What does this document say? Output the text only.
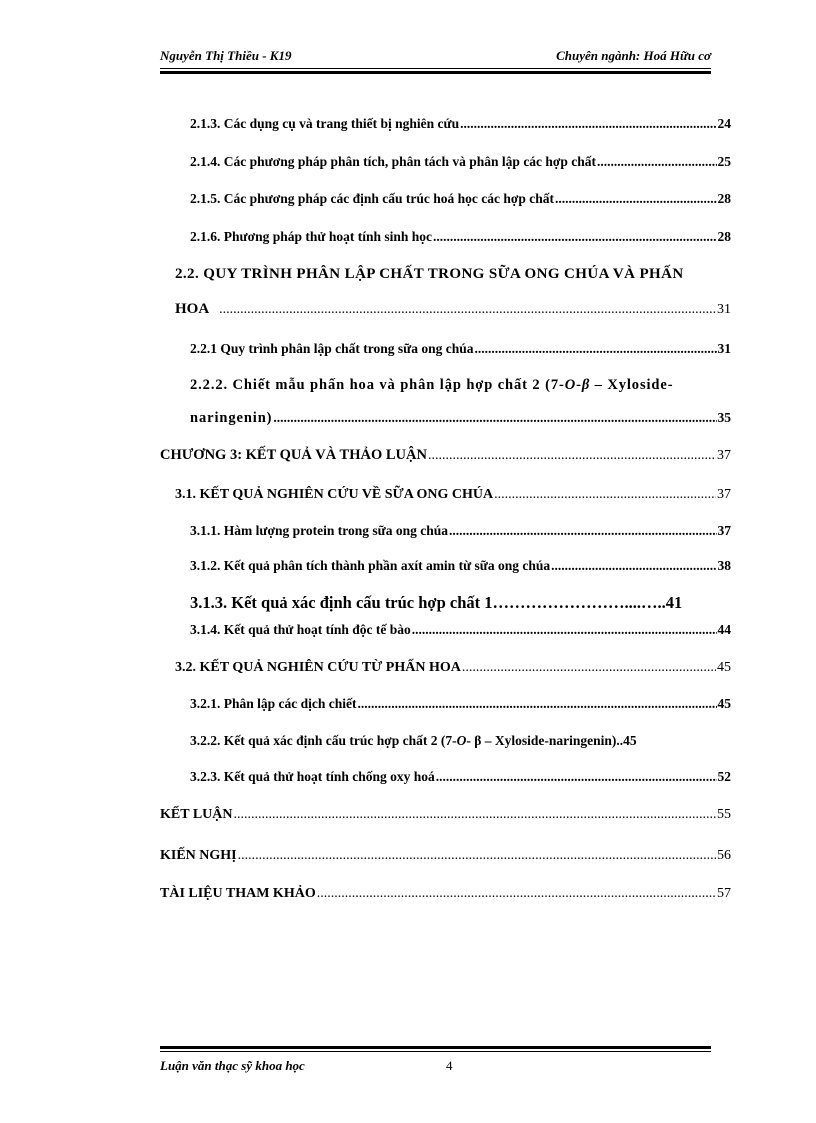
Nguyễn Thị Thiều - K19	Chuyên ngành: Hoá Hữu cơ
2.1.3. Các dụng cụ và trang thiết bị nghiên cứu .....	24
2.1.4. Các phương pháp phân tích, phân tách và phân lập các hợp chất .....	25
2.1.5. Các phương pháp các định cấu trúc hoá học các hợp chất .....	28
2.1.6. Phương pháp thử hoạt tính sinh học .....	28
2.2. QUY TRÌNH PHÂN LẬP CHẤT TRONG SỮA ONG CHÚA VÀ PHẤN
HOA .....	31
2.2.1 Quy trình phân lập chất trong sữa ong chúa .....	31
2.2.2. Chiết mẫu phấn hoa và phân lập hợp chất 2 (7-O-β – Xyloside-
naringenin) .....	35
CHƯƠNG 3: KẾT QUẢ VÀ THẢO LUẬN .....	37
3.1. KẾT QUẢ NGHIÊN CỨU VỀ SỮA ONG CHÚA .....	37
3.1.1. Hàm lượng protein trong sữa ong chúa .....	37
3.1.2. Kết quả phân tích thành phần axít amin từ sữa ong chúa .....	38
3.1.3. Kết quả xác định cấu trúc hợp chất 1……………………....…..41
3.1.4. Kết quả thử hoạt tính độc tế bào .....	44
3.2. KẾT QUẢ NGHIÊN CỨU TỪ PHẤN HOA .....	45
3.2.1. Phân lập các dịch chiết .....	45
3.2.2. Kết quả xác định cấu trúc hợp chất 2 (7-O- β – Xyloside-naringenin) ..45
3.2.3. Kết quả thử hoạt tính chống oxy hoá .....	52
KẾT LUẬN .....	55
KIẾN NGHỊ .....	56
TÀI LIỆU THAM KHẢO .....	57
Luận văn thạc sỹ khoa học	4
